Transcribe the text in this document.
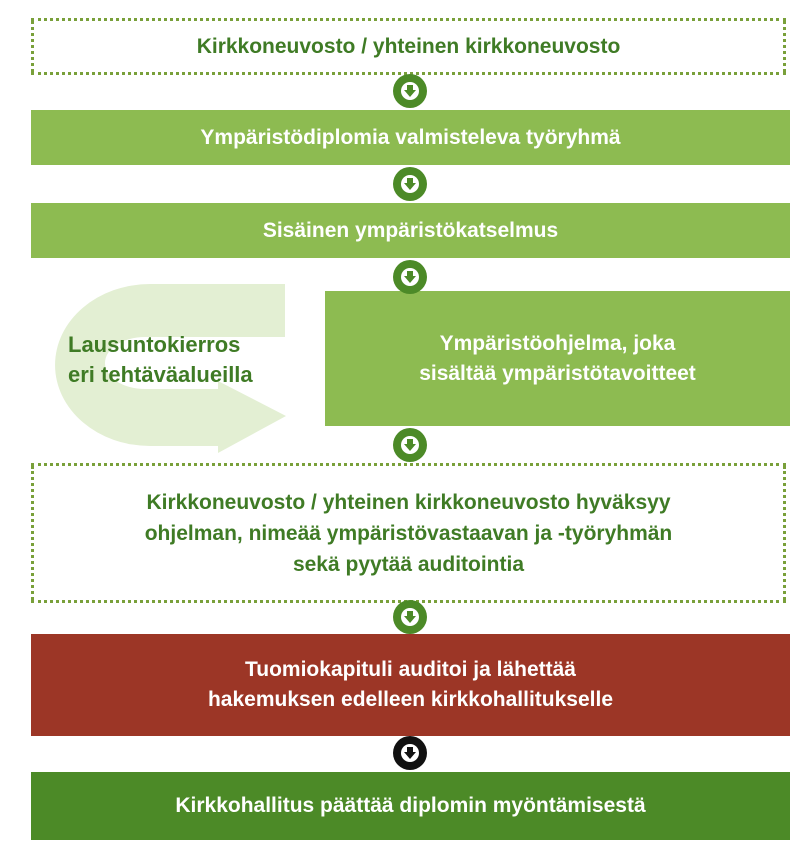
Kirkkoneuvosto / yhteinen kirkkoneuvosto
Ympäristödiplomia valmisteleva työryhmä
Sisäinen ympäristökatselmus
Ympäristöohjelma, joka
sisältää ympäristötavoitteet
Lausuntokierros
eri tehtäväalueilla
Kirkkoneuvosto / yhteinen kirkkoneuvosto hyväksyy
ohjelman, nimeää ympäristövastaavan ja -työryhmän
sekä pyytää auditointia
Tuomiokapituli auditoi ja lähettää
hakemuksen edelleen kirkkohallitukselle
Kirkkohallitus päättää diplomin myöntämisestä
